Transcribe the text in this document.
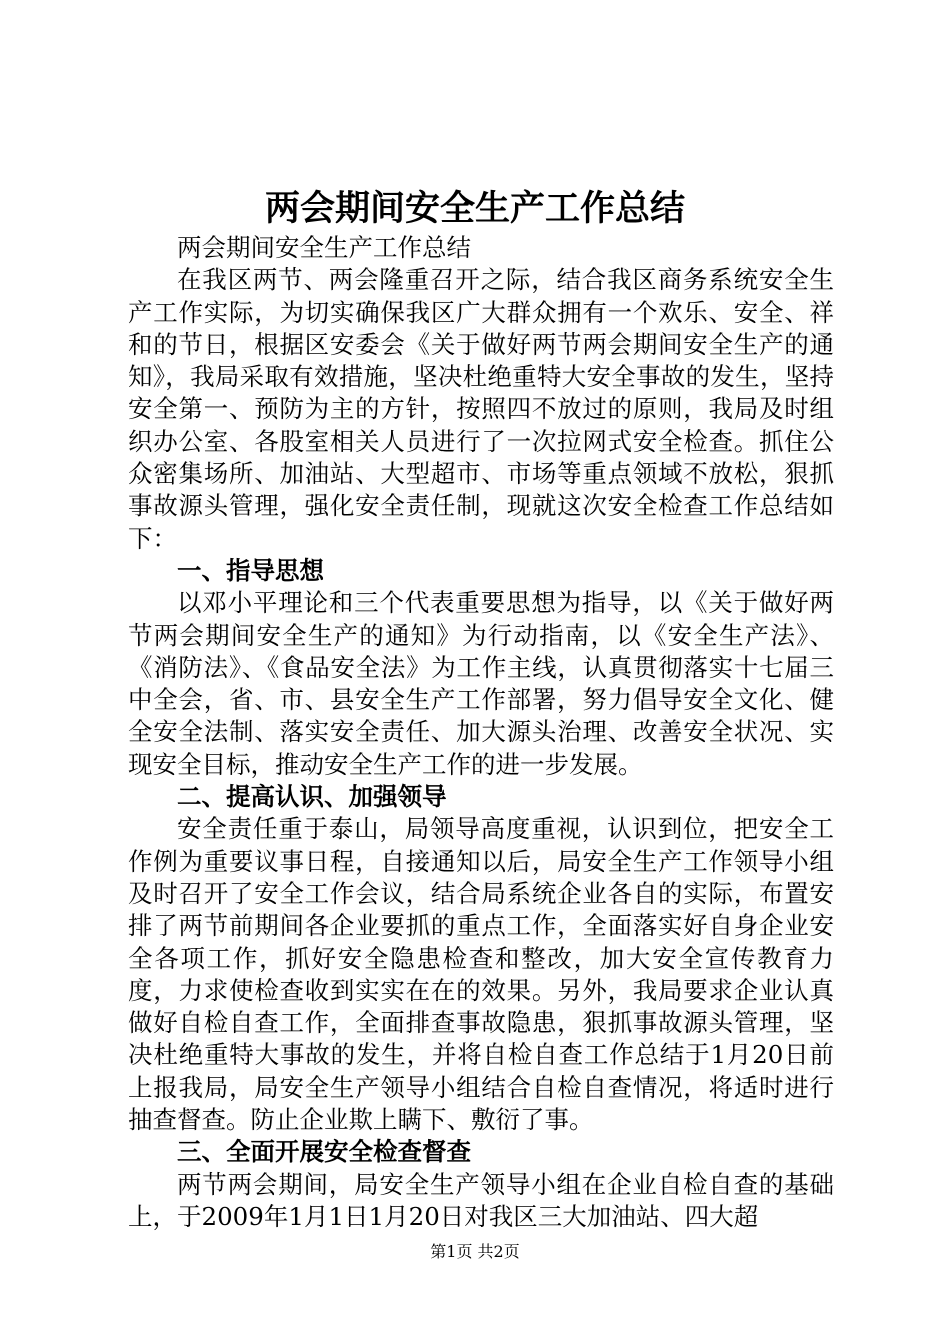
两会期间安全生产工作总结

两会期间安全生产工作总结

在我区两节、两会隆重召开之际，结合我区商务系统安全生产工作实际，为切实确保我区广大群众拥有一个欢乐、安全、祥和的节日，根据区安委会《关于做好两节两会期间安全生产的通知》，我局采取有效措施，坚决杜绝重特大安全事故的发生，坚持安全第一、预防为主的方针，按照四不放过的原则，我局及时组织办公室、各股室相关人员进行了一次拉网式安全检查。抓住公众密集场所、加油站、大型超市、市场等重点领域不放松，狠抓事故源头管理，强化安全责任制，现就这次安全检查工作总结如下：

一、指导思想

以邓小平理论和三个代表重要思想为指导，以《关于做好两节两会期间安全生产的通知》为行动指南，以《安全生产法》、《消防法》、《食品安全法》为工作主线，认真贯彻落实十七届三中全会，省、市、县安全生产工作部署，努力倡导安全文化、健全安全法制、落实安全责任、加大源头治理、改善安全状况、实现安全目标，推动安全生产工作的进一步发展。

二、提高认识、加强领导

安全责任重于泰山，局领导高度重视，认识到位，把安全工作例为重要议事日程，自接通知以后，局安全生产工作领导小组及时召开了安全工作会议，结合局系统企业各自的实际，布置安排了两节前期间各企业要抓的重点工作，全面落实好自身企业安全各项工作，抓好安全隐患检查和整改，加大安全宣传教育力度，力求使检查收到实实在在的效果。另外，我局要求企业认真做好自检自查工作，全面排查事故隐患，狠抓事故源头管理，坚决杜绝重特大事故的发生，并将自检自查工作总结于1月20日前上报我局，局安全生产领导小组结合自检自查情况，将适时进行抽查督查。防止企业欺上瞒下、敷衍了事。

三、全面开展安全检查督查

两节两会期间，局安全生产领导小组在企业自检自查的基础上，于2009年1月1日1月20日对我区三大加油站、四大超

第1页 共2页
